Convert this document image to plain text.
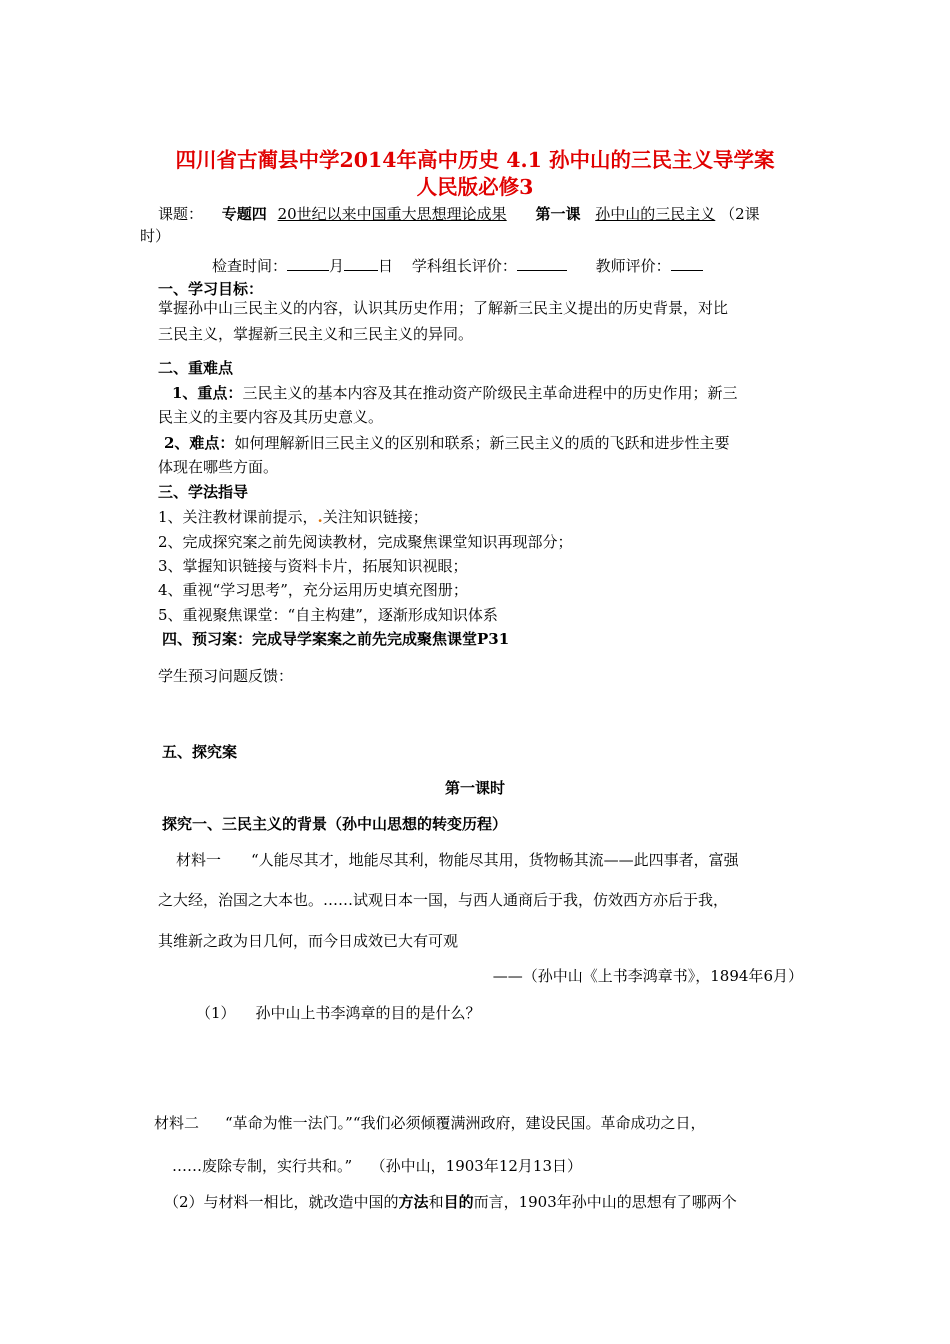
四川省古蔺县中学2014年高中历史 4.1 孙中山的三民主义导学案
人民版必修3
课题： 专题四 20世纪以来中国重大思想理论成果 第一课 孙中山的三民主义 （2课
时）
检查时间：	月 日 学科组长评价：	教师评价：
一、学习目标：
掌握孙中山三民主义的内容，认识其历史作用；了解新三民主义提出的历史背景，对比
三民主义，掌握新三民主义和三民主义的异同。
二、重难点
1、重点：三民主义的基本内容及其在推动资产阶级民主革命进程中的历史作用；新三
民主义的主要内容及其历史意义。
2、难点：如何理解新旧三民主义的区别和联系；新三民主义的质的飞跃和进步性主要
体现在哪些方面。
三、学法指导
1、关注教材课前提示，.关注知识链接；
2、完成探究案之前先阅读教材，完成聚焦课堂知识再现部分；
3、掌握知识链接与资料卡片，拓展知识视眼；
4、重视“学习思考”，充分运用历史填充图册；
5、重视聚焦课堂：“自主构建”，逐渐形成知识体系
四、预习案：完成导学案案之前先完成聚焦课堂P31
学生预习问题反馈：
五、探究案
第一课时
探究一、三民主义的背景（孙中山思想的转变历程）
材料一 “人能尽其才，地能尽其利，物能尽其用，货物畅其流——此四事者，富强
之大经，治国之大本也。……试观日本一国，与西人通商后于我，仿效西方亦后于我，
其维新之政为日几何，而今日成效已大有可观
——（孙中山《上书李鸿章书》，1894年6月）
（1） 孙中山上书李鸿章的目的是什么？
材料二 “革命为惟一法门。”“我们必须倾覆满洲政府，建设民国。革命成功之日，
……废除专制，实行共和。” （孙中山，1903年12月13日）
（2）与材料一相比，就改造中国的方法和目的而言，1903年孙中山的思想有了哪两个
